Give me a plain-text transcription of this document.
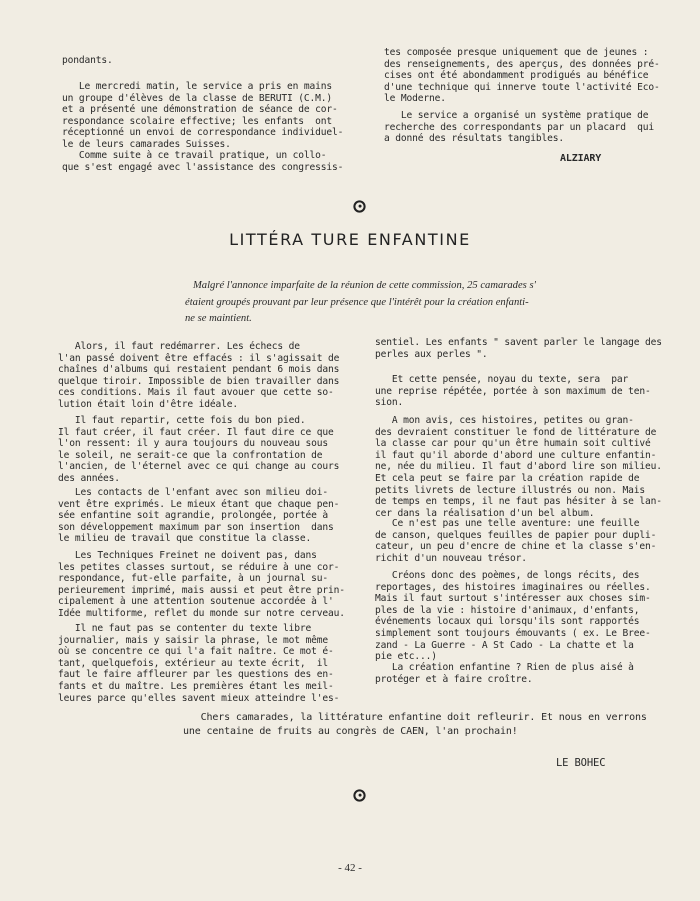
pondants.

Le mercredi matin, le service a pris en mains
un groupe d'élèves de la classe de BERUTI (C.M.)
et a présenté une démonstration de séance de cor-
respondance scolaire effective; les enfants  ont
réceptionné un envoi de correspondance individuel-
le de leurs camarades Suisses.

Comme suite à ce travail pratique, un collo-
que s'est engagé avec l'assistance des congressis-

tes composée presque uniquement que de jeunes :
des renseignements, des aperçus, des données pré-
cises ont été abondamment prodigués au bénéfice
d'une technique qui innerve toute l'activité Eco-
le Moderne.

Le service a organisé un système pratique de
recherche des correspondants par un placard  qui
a donné des résultats tangibles.

ALZIARY

LITTÉRA TURE ENFANTINE

Malgré l'annonce imparfaite de la réunion de cette commission, 25 camarades s'
étaient groupés prouvant par leur présence que l'intérêt pour la création enfanti-
ne se maintient.

Alors, il faut redémarrer. Les échecs de
l'an passé doivent être effacés : il s'agissait de
chaînes d'albums qui restaient pendant 6 mois dans
quelque tiroir. Impossible de bien travailler dans
ces conditions. Mais il faut avouer que cette so-
lution était loin d'être idéale.

Il faut repartir, cette fois du bon pied.
Il faut créer, il faut créer. Il faut dire ce que
l'on ressent: il y aura toujours du nouveau sous
le soleil, ne serait-ce que la confrontation de
l'ancien, de l'éternel avec ce qui change au cours
des années.

Les contacts de l'enfant avec son milieu doi-
vent être exprimés. Le mieux étant que chaque pen-
sée enfantine soit agrandie, prolongée, portée à
son développement maximum par son insertion  dans
le milieu de travail que constitue la classe.

Les Techniques Freinet ne doivent pas, dans
les petites classes surtout, se réduire à une cor-
respondance, fut-elle parfaite, à un journal su-
perieurement imprimé, mais aussi et peut être prin-
cipalement à une attention soutenue accordée à l'
Idée multiforme, reflet du monde sur notre cerveau.

Il ne faut pas se contenter du texte libre
journalier, mais y saisir la phrase, le mot même
où se concentre ce qui l'a fait naître. Ce mot é-
tant, quelquefois, extérieur au texte écrit,  il
faut le faire affleurer par les questions des en-
fants et du maître. Les premières étant les meil-
leures parce qu'elles savent mieux atteindre l'es-

sentiel. Les enfants " savent parler le langage des
perles aux perles ".

Et cette pensée, noyau du texte, sera  par
une reprise répétée, portée à son maximum de ten-
sion.

A mon avis, ces histoires, petites ou gran-
des devraient constituer le fond de littérature de
la classe car pour qu'un être humain soit cultivé
il faut qu'il aborde d'abord une culture enfantin-
ne, née du milieu. Il faut d'abord lire son milieu.
Et cela peut se faire par la création rapide de
petits livrets de lecture illustrés ou non. Mais
de temps en temps, il ne faut pas hésiter à se lan-
cer dans la réalisation d'un bel album.

Ce n'est pas une telle aventure: une feuille
de canson, quelques feuilles de papier pour dupli-
cateur, un peu d'encre de chine et la classe s'en-
richit d'un nouveau trésor.

Créons donc des poèmes, de longs récits, des
reportages, des histoires imaginaires ou réelles.
Mais il faut surtout s'intéresser aux choses sim-
ples de la vie : histoire d'animaux, d'enfants,
événements locaux qui lorsqu'ils sont rapportés
simplement sont toujours émouvants ( ex. Le Bree-
zand - La Guerre - A St Cado - La chatte et la
pie etc...)

La création enfantine ? Rien de plus aisé à
protéger et à faire croître.

Chers camarades, la littérature enfantine doit refleurir. Et nous en verrons
une centaine de fruits au congrès de CAEN, l'an prochain!

LE BOHEC

- 42 -
